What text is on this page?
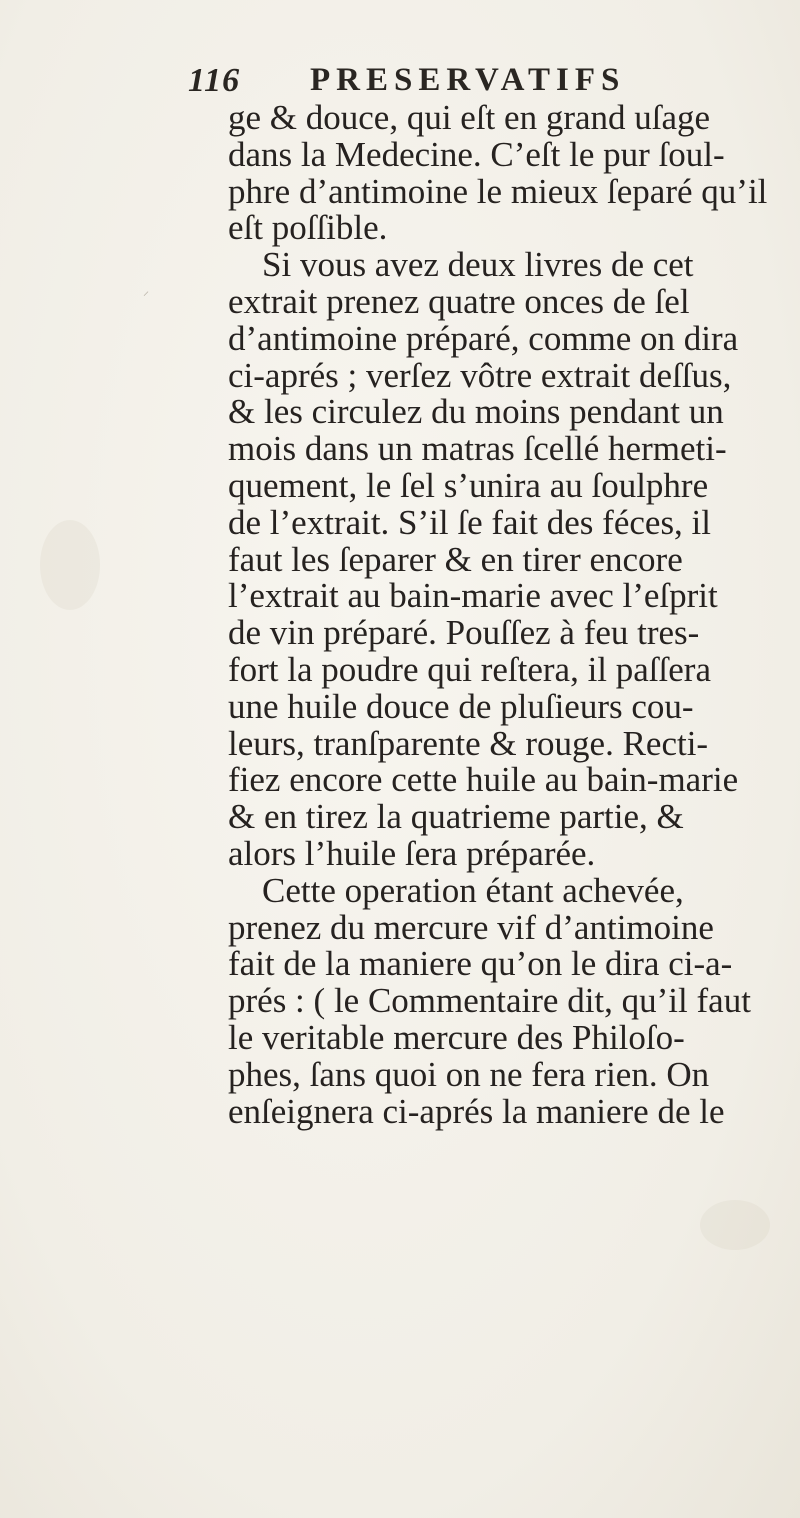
116 PRESERVATIFS
⸍
ge & douce, qui eſt en grand uſage
dans la Medecine. C’eſt le pur ſoul-
phre d’antimoine le mieux ſeparé qu’il
eſt poſſible.
Si vous avez deux livres de cet
extrait prenez quatre onces de ſel
d’antimoine préparé, comme on dira
ci-aprés ; verſez vôtre extrait deſſus,
& les circulez du moins pendant un
mois dans un matras ſcellé hermeti-
quement, le ſel s’unira au ſoulphre
de l’extrait. S’il ſe fait des féces, il
faut les ſeparer & en tirer encore
l’extrait au bain-marie avec l’eſprit
de vin préparé. Pouſſez à feu tres-
fort la poudre qui reſtera, il paſſera
une huile douce de pluſieurs cou-
leurs, tranſparente & rouge. Recti-
fiez encore cette huile au bain-marie
& en tirez la quatrieme partie, &
alors l’huile ſera préparée.
Cette operation étant achevée,
prenez du mercure vif d’antimoine
fait de la maniere qu’on le dira ci-a-
prés : ( le Commentaire dit, qu’il faut
le veritable mercure des Philoſo-
phes, ſans quoi on ne fera rien. On
enſeignera ci-aprés la maniere de le
